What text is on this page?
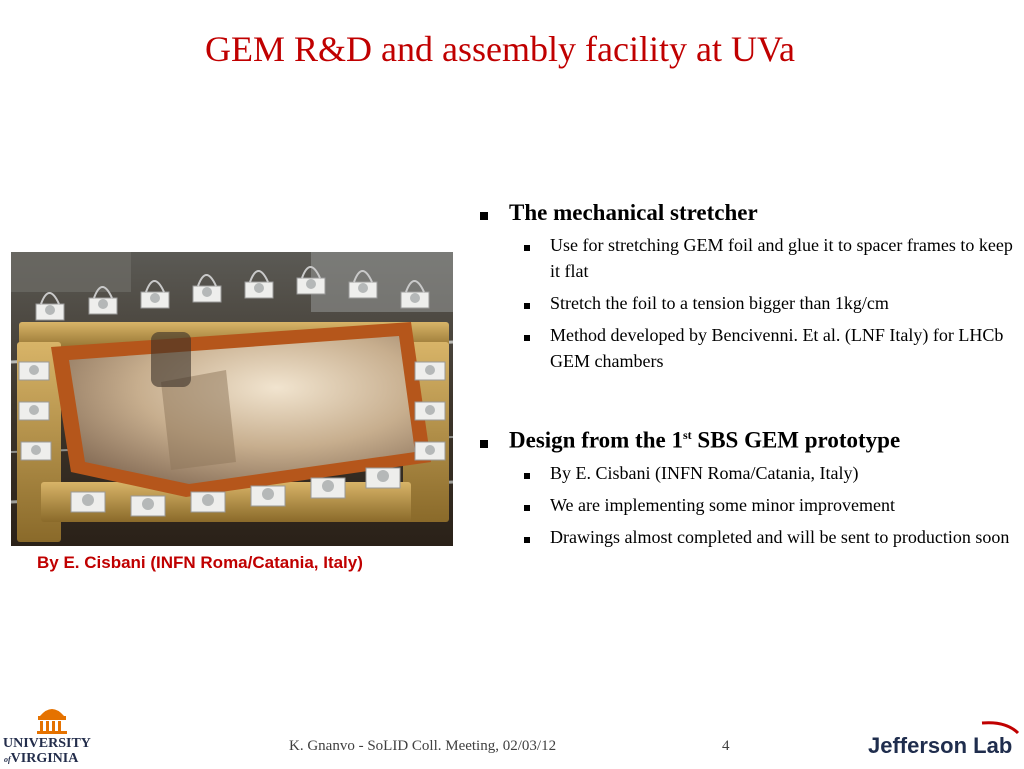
GEM R&D and assembly facility at UVa
By E. Cisbani (INFN Roma/Catania, Italy)
The mechanical stretcher
Use for stretching GEM foil and glue it to spacer frames to keep it flat
Stretch the foil to a tension bigger than 1kg/cm
Method developed by Bencivenni. Et al. (LNF Italy) for LHCb GEM chambers
Design from the 1st SBS GEM prototype
By E. Cisbani (INFN Roma/Catania, Italy)
We are implementing some minor improvement
Drawings almost completed and will be sent to production soon
UNIVERSITY
ofVIRGINIA
K. Gnanvo - SoLID Coll. Meeting, 02/03/12	4	Jefferson Lab
